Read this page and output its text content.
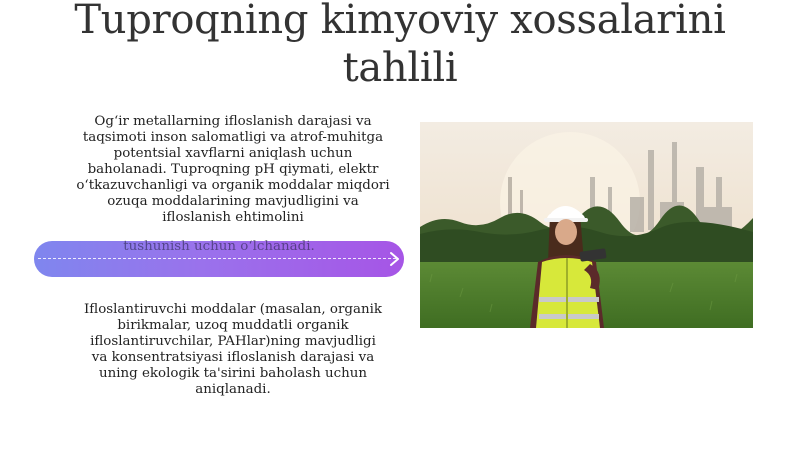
Tuproqning kimyoviy xossalarini tahlili

Og‘ir metallarning ifloslanish darajasi va taqsimoti inson salomatligi va atrof-muhitga potentsial xavflarni aniqlash uchun baholanadi. Tuproqning pH qiymati, elektr o‘tkazuvchanligi va organik moddalar miqdori ozuqa moddalarining mavjudligini va ifloslanish ehtimolini

tushunish uchun o‘lchanadi.

Ifloslantiruvchi moddalar (masalan, organik birikmalar, uzoq muddatli organik ifloslantiruvchilar, PAHlar)ning mavjudligi va konsentratsiyasi ifloslanish darajasi va uning ekologik ta'sirini baholash uchun aniqlanadi.
